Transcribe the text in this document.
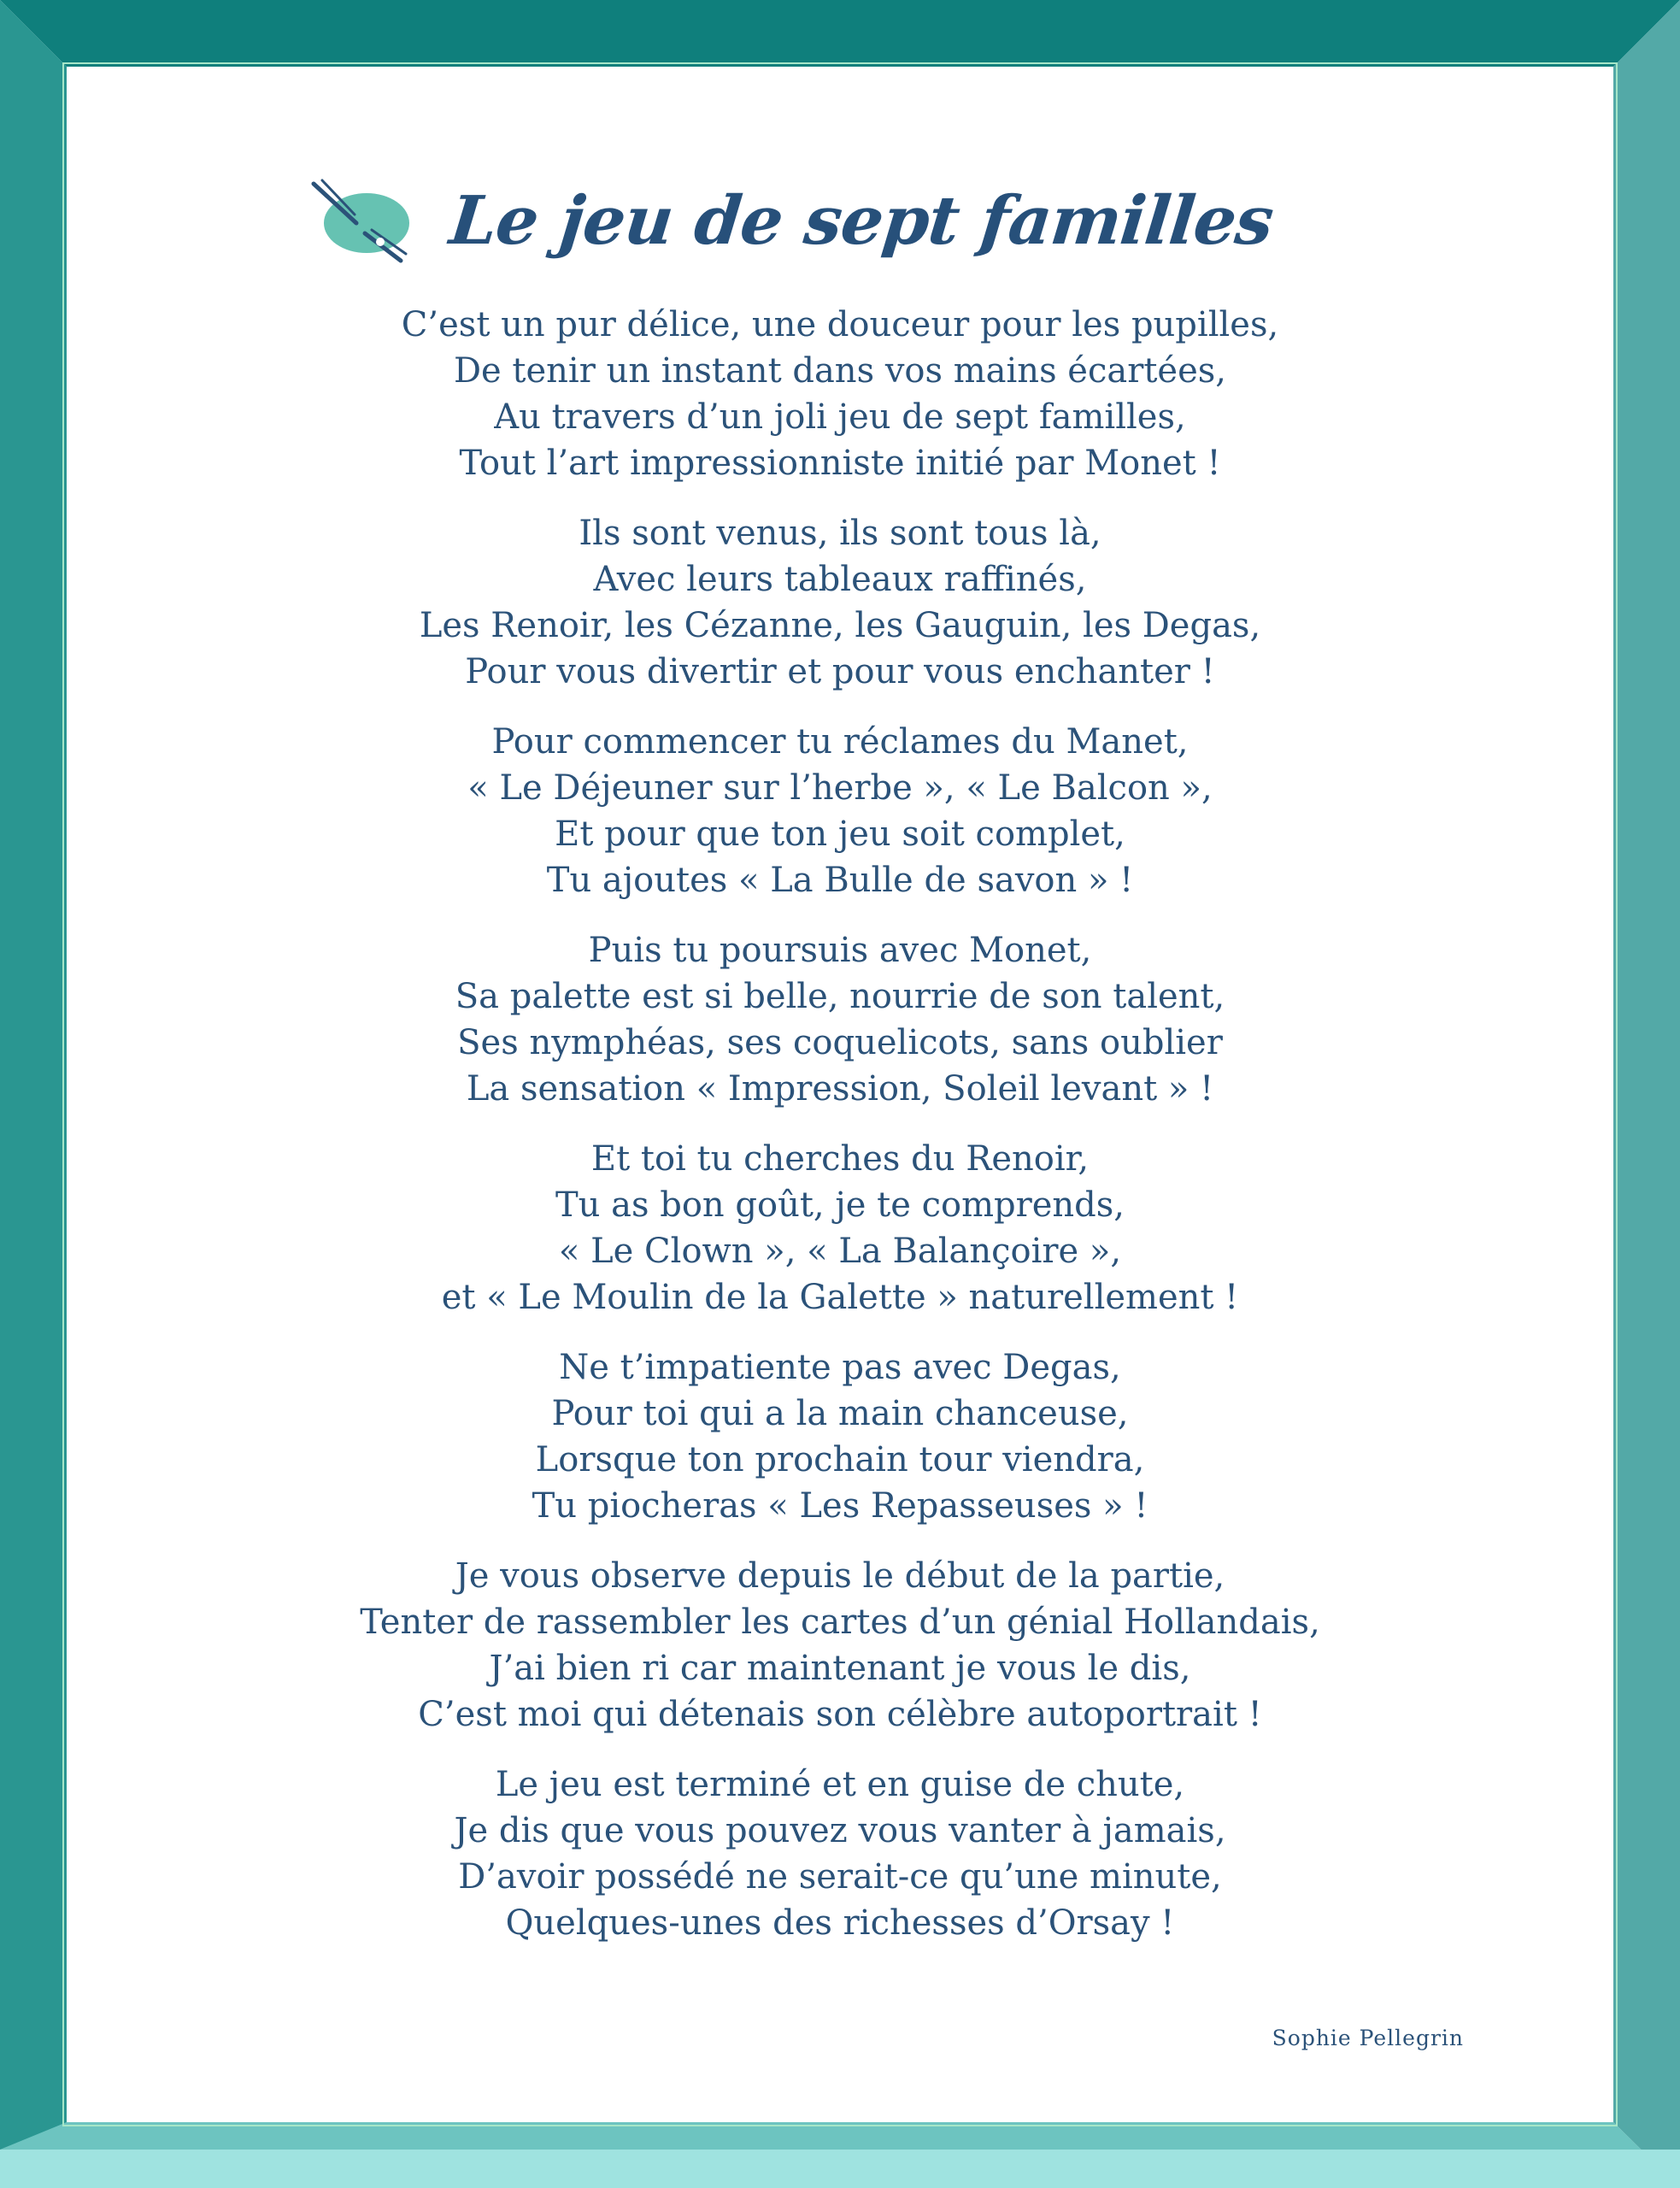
Le jeu de sept familles
C’est un pur délice, une douceur pour les pupilles,
De tenir un instant dans vos mains écartées,
Au travers d’un joli jeu de sept familles,
Tout l’art impressionniste initié par Monet !
Ils sont venus, ils sont tous là,
Avec leurs tableaux raffinés,
Les Renoir, les Cézanne, les Gauguin, les Degas,
Pour vous divertir et pour vous enchanter !
Pour commencer tu réclames du Manet,
« Le Déjeuner sur l’herbe », « Le Balcon »,
Et pour que ton jeu soit complet,
Tu ajoutes « La Bulle de savon » !
Puis tu poursuis avec Monet,
Sa palette est si belle, nourrie de son talent,
Ses nymphéas, ses coquelicots, sans oublier
La sensation « Impression, Soleil levant » !
Et toi tu cherches du Renoir,
Tu as bon goût, je te comprends,
« Le Clown », « La Balançoire »,
et « Le Moulin de la Galette » naturellement !
Ne t’impatiente pas avec Degas,
Pour toi qui a la main chanceuse,
Lorsque ton prochain tour viendra,
Tu piocheras « Les Repasseuses » !
Je vous observe depuis le début de la partie,
Tenter de rassembler les cartes d’un génial Hollandais,
J’ai bien ri car maintenant je vous le dis,
C’est moi qui détenais son célèbre autoportrait !
Le jeu est terminé et en guise de chute,
Je dis que vous pouvez vous vanter à jamais,
D’avoir possédé ne serait-ce qu’une minute,
Quelques-unes des richesses d’Orsay !
Sophie Pellegrin
